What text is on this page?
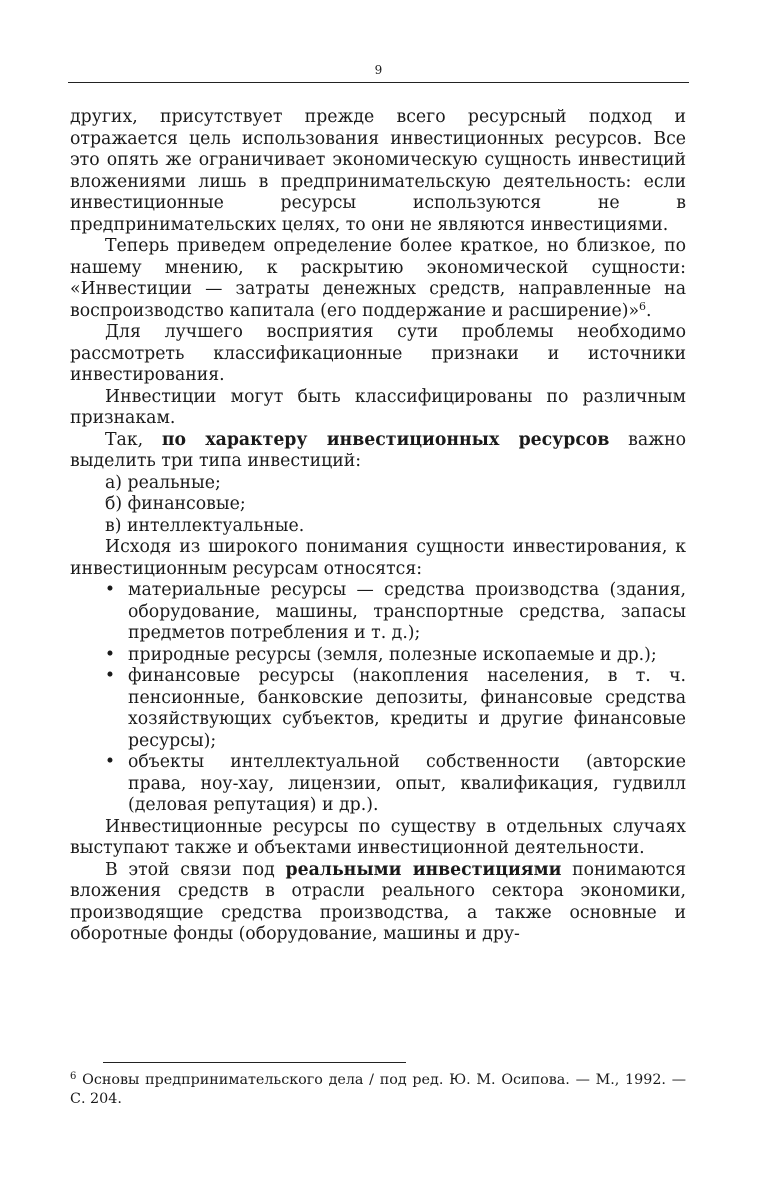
9

других, присутствует прежде всего ресурсный подход и отражается цель использования инвестиционных ресурсов. Все это опять же ограничивает экономическую сущность инвестиций вложениями лишь в предпринимательскую деятельность: если инвестиционные ресурсы используются не в предпринимательских целях, то они не являются инвестициями.

Теперь приведем определение более краткое, но близкое, по нашему мнению, к раскрытию экономической сущности: «Инвестиции — затраты денежных средств, направленные на воспроизводство капитала (его поддержание и расширение)»$^6$.

Для лучшего восприятия сути проблемы необходимо рассмотреть классификационные признаки и источники инвестирования.

Инвестиции могут быть классифицированы по различным признакам.

Так, по характеру инвестиционных ресурсов важно выделить три типа инвестиций:

а) реальные;
б) финансовые;
в) интеллектуальные.

Исходя из широкого понимания сущности инвестирования, к инвестиционным ресурсам относятся:

• материальные ресурсы — средства производства (здания, оборудование, машины, транспортные средства, запасы предметов потребления и т. д.);
• природные ресурсы (земля, полезные ископаемые и др.);
• финансовые ресурсы (накопления населения, в т. ч. пенсионные, банковские депозиты, финансовые средства хозяйствующих субъектов, кредиты и другие финансовые ресурсы);
• объекты интеллектуальной собственности (авторские права, ноу-хау, лицензии, опыт, квалификация, гудвилл (деловая репутация) и др.).

Инвестиционные ресурсы по существу в отдельных случаях выступают также и объектами инвестиционной деятельности.

В этой связи под реальными инвестициями понимаются вложения средств в отрасли реального сектора экономики, производящие средства производства, а также основные и оборотные фонды (оборудование, машины и дру-

$^6$ Основы предпринимательского дела / под ред. Ю. М. Осипова. — М., 1992. — С. 204.
